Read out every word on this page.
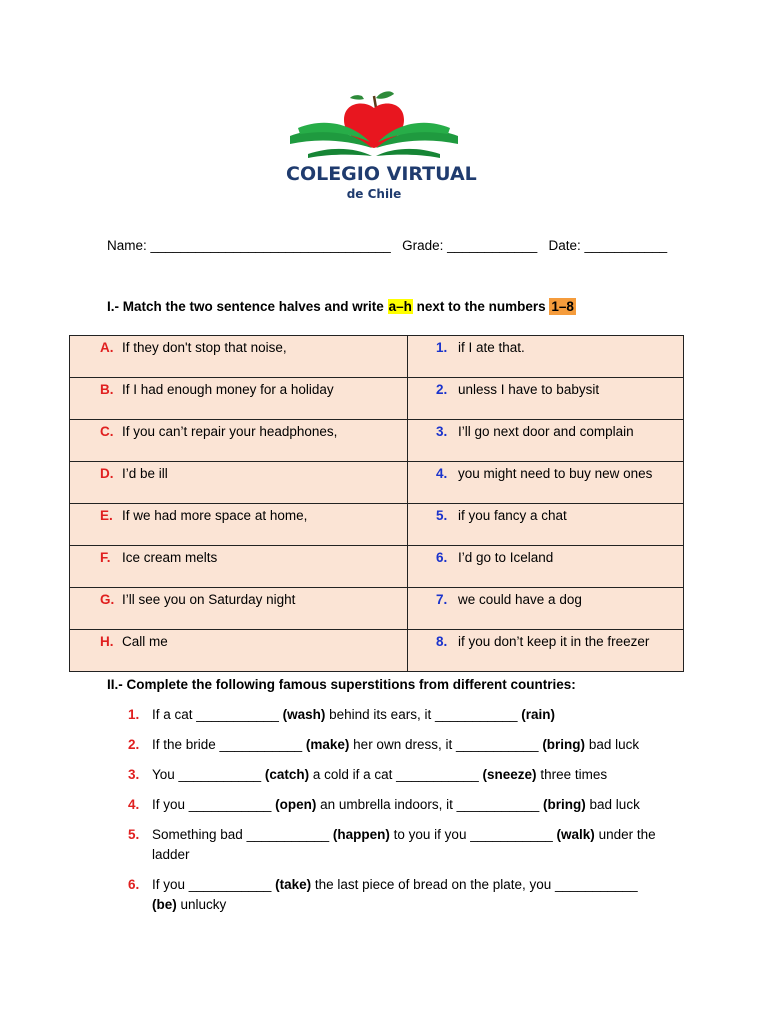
COLEGIO VIRTUAL
de Chile
Name: ________________________________ Grade: ____________ Date: ___________
I.- Match the two sentence halves and write a–h next to the numbers 1–8
A. If they don't stop that noise,	1. if I ate that.
B. If I had enough money for a holiday	2. unless I have to babysit
C. If you can’t repair your headphones,	3. I’ll go next door and complain
D. I’d be ill	4. you might need to buy new ones
E. If we had more space at home,	5. if you fancy a chat
F. Ice cream melts	6. I’d go to Iceland
G. I’ll see you on Saturday night	7. we could have a dog
H. Call me	8. if you don’t keep it in the freezer
II.- Complete the following famous superstitions from different countries:
1. If a cat ___________ (wash) behind its ears, it ___________ (rain)
2. If the bride ___________ (make) her own dress, it ___________ (bring) bad luck
3. You ___________ (catch) a cold if a cat ___________ (sneeze) three times
4. If you ___________ (open) an umbrella indoors, it ___________ (bring) bad luck
5. Something bad ___________ (happen) to you if you ___________ (walk) under the ladder
6. If you ___________ (take) the last piece of bread on the plate, you ___________ (be) unlucky
